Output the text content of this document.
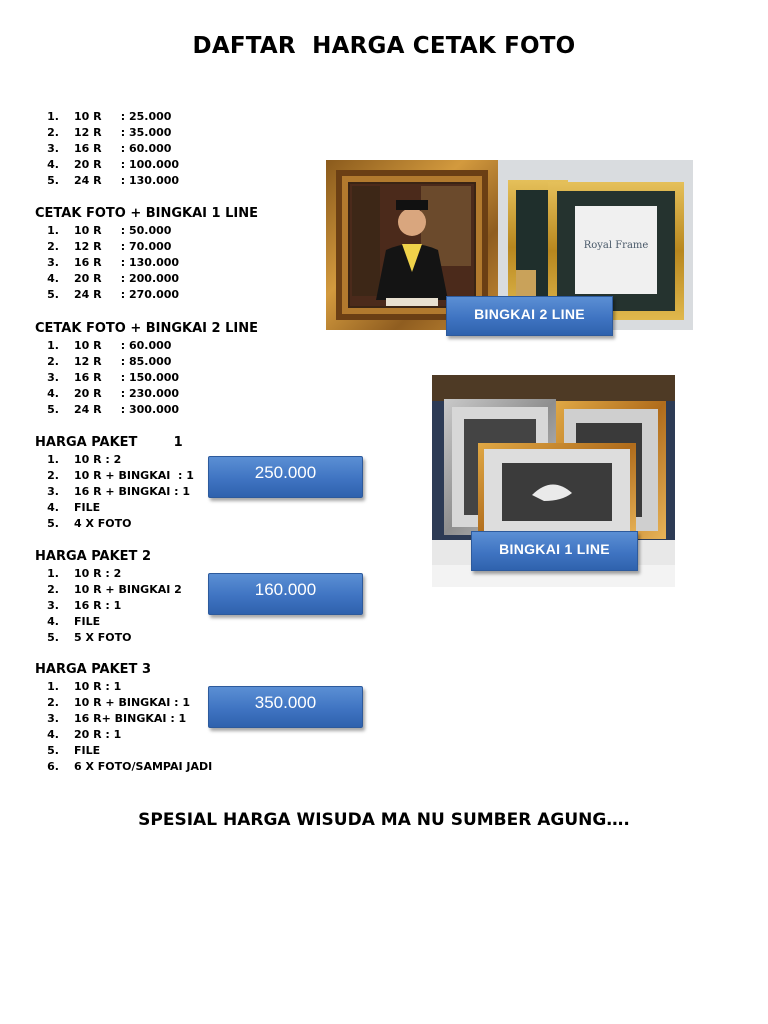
DAFTAR  HARGA CETAK FOTO
1.	10 R     : 25.000
2.	12 R     : 35.000
3.	16 R     : 60.000
4.	20 R     : 100.000
5.	24 R     : 130.000
CETAK FOTO + BINGKAI 1 LINE
1.	10 R     : 50.000
2.	12 R     : 70.000
3.	16 R     : 130.000
4.	20 R     : 200.000
5.	24 R     : 270.000
CETAK FOTO + BINGKAI 2 LINE
1.	10 R     : 60.000
2.	12 R     : 85.000
3.	16 R     : 150.000
4.	20 R     : 230.000
5.	24 R     : 300.000
HARGA PAKET        1
1.	10 R : 2
2.	10 R + BINGKAI  : 1
3.	16 R + BINGKAI : 1
4.	FILE
5.	4 X FOTO
250.000
HARGA PAKET 2
1.	10 R : 2
2.	10 R + BINGKAI 2
3.	16 R : 1
4.	FILE
5.	5 X FOTO
160.000
HARGA PAKET 3
1.	10 R : 1
2.	10 R + BINGKAI : 1
3.	16 R+ BINGKAI : 1
4.	20 R : 1
5.	FILE
6.	6 X FOTO/SAMPAI JADI
350.000
Royal Frame
BINGKAI 2 LINE
BINGKAI 1 LINE
SPESIAL HARGA WISUDA MA NU SUMBER AGUNG….
